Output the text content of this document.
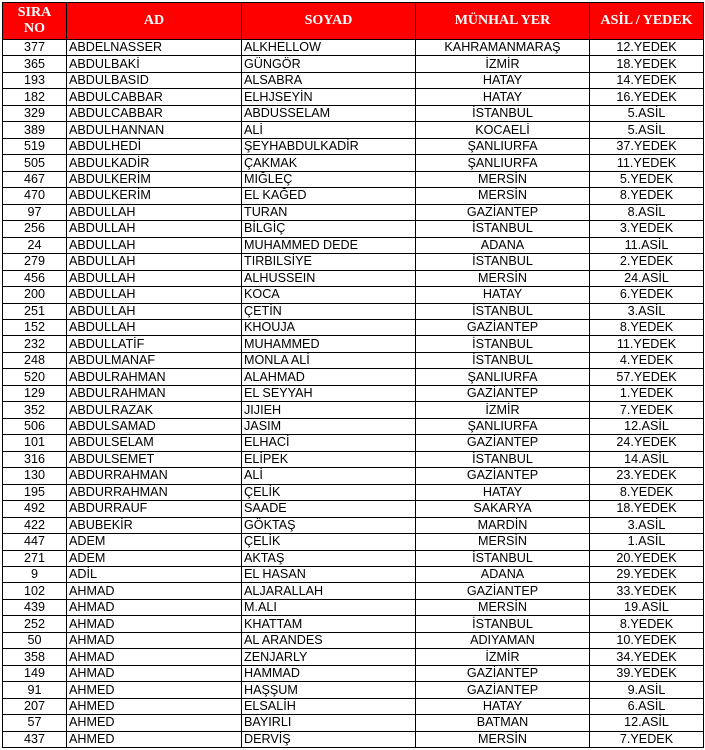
SIRA
NO	AD	SOYAD	MÜNHAL YER	ASİL / YEDEK
377	ABDELNASSER	ALKHELLOW	KAHRAMANMARAŞ	12.YEDEK
365	ABDULBAKİ	GÜNGÖR	İZMİR	18.YEDEK
193	ABDULBASID	ALSABRA	HATAY	14.YEDEK
182	ABDULCABBAR	ELHJSEYİN	HATAY	16.YEDEK
329	ABDULCABBAR	ABDUSSELAM	İSTANBUL	5.ASİL
389	ABDULHANNAN	ALİ	KOCAELİ	5.ASİL
519	ABDULHEDİ	ŞEYHABDULKADİR	ŞANLIURFA	37.YEDEK
505	ABDULKADİR	ÇAKMAK	ŞANLIURFA	11.YEDEK
467	ABDULKERİM	MIĞLEÇ	MERSİN	5.YEDEK
470	ABDULKERİM	EL KAĞED	MERSİN	8.YEDEK
97	ABDULLAH	TURAN	GAZİANTEP	8.ASİL
256	ABDULLAH	BİLGİÇ	İSTANBUL	3.YEDEK
24	ABDULLAH	MUHAMMED DEDE	ADANA	11.ASİL
279	ABDULLAH	TIRBILSİYE	İSTANBUL	2.YEDEK
456	ABDULLAH	ALHUSSEIN	MERSİN	24.ASİL
200	ABDULLAH	KOCA	HATAY	6.YEDEK
251	ABDULLAH	ÇETİN	İSTANBUL	3.ASİL
152	ABDULLAH	KHOUJA	GAZİANTEP	8.YEDEK
232	ABDULLATİF	MUHAMMED	İSTANBUL	11.YEDEK
248	ABDULMANAF	MONLA ALİ	İSTANBUL	4.YEDEK
520	ABDULRAHMAN	ALAHMAD	ŞANLIURFA	57.YEDEK
129	ABDULRAHMAN	EL SEYYAH	GAZİANTEP	1.YEDEK
352	ABDULRAZAK	JIJIEH	İZMİR	7.YEDEK
506	ABDULSAMAD	JASIM	ŞANLIURFA	12.ASİL
101	ABDULSELAM	ELHACİ	GAZİANTEP	24.YEDEK
316	ABDULSEMET	ELİPEK	İSTANBUL	14.ASİL
130	ABDURRAHMAN	ALİ	GAZİANTEP	23.YEDEK
195	ABDURRAHMAN	ÇELİK	HATAY	8.YEDEK
492	ABDURRAUF	SAADE	SAKARYA	18.YEDEK
422	ABUBEKİR	GÖKTAŞ	MARDİN	3.ASİL
447	ADEM	ÇELİK	MERSİN	1.ASİL
271	ADEM	AKTAŞ	İSTANBUL	20.YEDEK
9	ADİL	EL HASAN	ADANA	29.YEDEK
102	AHMAD	ALJARALLAH	GAZİANTEP	33.YEDEK
439	AHMAD	M.ALI	MERSİN	19.ASİL
252	AHMAD	KHATTAM	İSTANBUL	8.YEDEK
50	AHMAD	AL ARANDES	ADIYAMAN	10.YEDEK
358	AHMAD	ZENJARLY	İZMİR	34.YEDEK
149	AHMAD	HAMMAD	GAZİANTEP	39.YEDEK
91	AHMED	HAŞŞUM	GAZİANTEP	9.ASİL
207	AHMED	ELSALİH	HATAY	6.ASİL
57	AHMED	BAYIRLI	BATMAN	12.ASİL
437	AHMED	DERVİŞ	MERSİN	7.YEDEK
